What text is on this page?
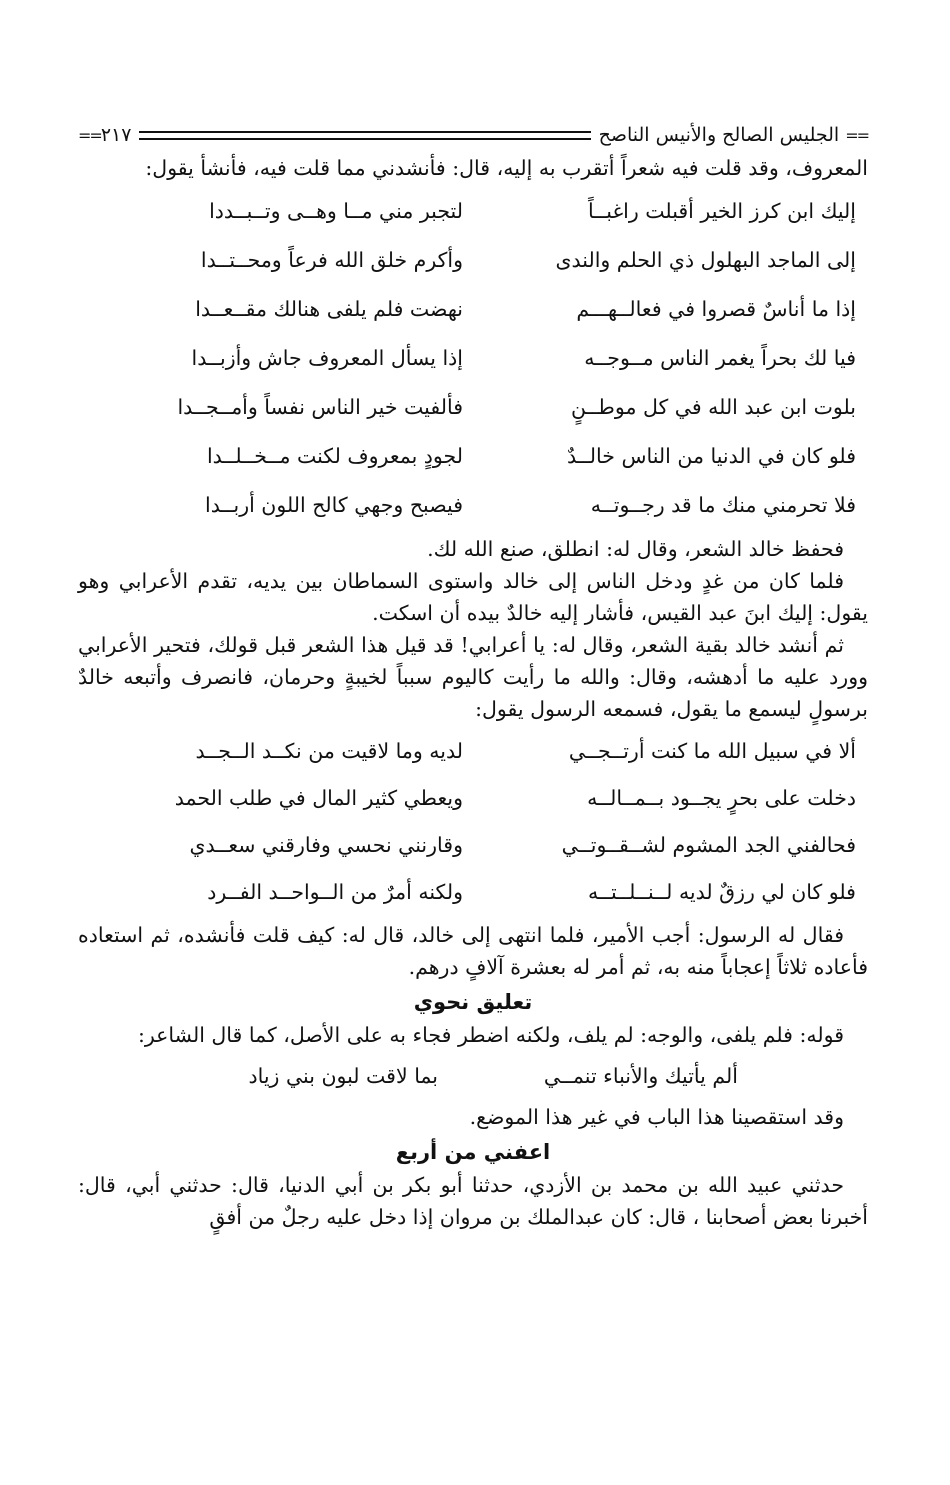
==
الجليس الصالح والأنيس الناصح
٢١٧
==

المعروف، وقد قلت فيه شعراً أتقرب به إليه، قال: فأنشدني مما قلت فيه، فأنشأ يقول:

إليك ابن كرز الخير أقبلت راغبــاً
لتجبر مني مــا وهــى وتــبــددا
إلى الماجد البهلول ذي الحلم والندى
وأكرم خلق الله فرعاً ومحــتــدا
إذا ما أناسٌ قصروا في فعالــهـــم
نهضت فلم يلفى هنالك مقــعــدا
فيا لك بحراً يغمر الناس مــوجــه
إذا يسأل المعروف جاش وأزبــدا
بلوت ابن عبد الله في كل موطــنٍ
فألفيت خير الناس نفساً وأمــجــدا
فلو كان في الدنيا من الناس خالــدٌ
لجودٍ بمعروف لكنت مــخــلــدا
فلا تحرمني منك ما قد رجــوتــه
فيصبح وجهي كالح اللون أربــدا

فحفظ خالد الشعر، وقال له: انطلق، صنع الله لك.

فلما كان من غدٍ ودخل الناس إلى خالد واستوى السماطان بين يديه، تقدم الأعرابي وهو يقول: إليك ابنَ عبد القيس، فأشار إليه خالدٌ بيده أن اسكت.

ثم أنشد خالد بقية الشعر، وقال له: يا أعرابي! قد قيل هذا الشعر قبل قولك، فتحير الأعرابي وورد عليه ما أدهشه، وقال: والله ما رأيت كاليوم سبباً لخيبةٍ وحرمان، فانصرف وأتبعه خالدٌ برسولٍ ليسمع ما يقول، فسمعه الرسول يقول:

ألا في سبيل الله ما كنت أرتــجــي
لديه وما لاقيت من نكــد الــجــد
دخلت على بحرٍ يجــود بــمــالــه
ويعطي كثير المال في طلب الحمد
فحالفني الجد المشوم لشــقــوتــي
وقارنني نحسي وفارقني سعــدي
فلو كان لي رزقٌ لديه لــنــلــتــه
ولكنه أمرٌ من الــواحــد الفــرد

فقال له الرسول: أجب الأمير، فلما انتهى إلى خالد، قال له: كيف قلت فأنشده، ثم استعاده فأعاده ثلاثاً إعجاباً منه به، ثم أمر له بعشرة آلافٍ درهم.

تعليق نحوي

قوله: فلم يلفى، والوجه: لم يلف، ولكنه اضطر فجاء به على الأصل، كما قال الشاعر:

ألم يأتيك والأنباء تنمــي
بما لاقت لبون بني زياد

وقد استقصينا هذا الباب في غير هذا الموضع.

اعفني من أربع

حدثني عبيد الله بن محمد بن الأزدي، حدثنا أبو بكر بن أبي الدنيا، قال: حدثني أبي، قال: أخبرنا بعض أصحابنا ، قال: كان عبدالملك بن مروان إذا دخل عليه رجلٌ من أفقٍ
